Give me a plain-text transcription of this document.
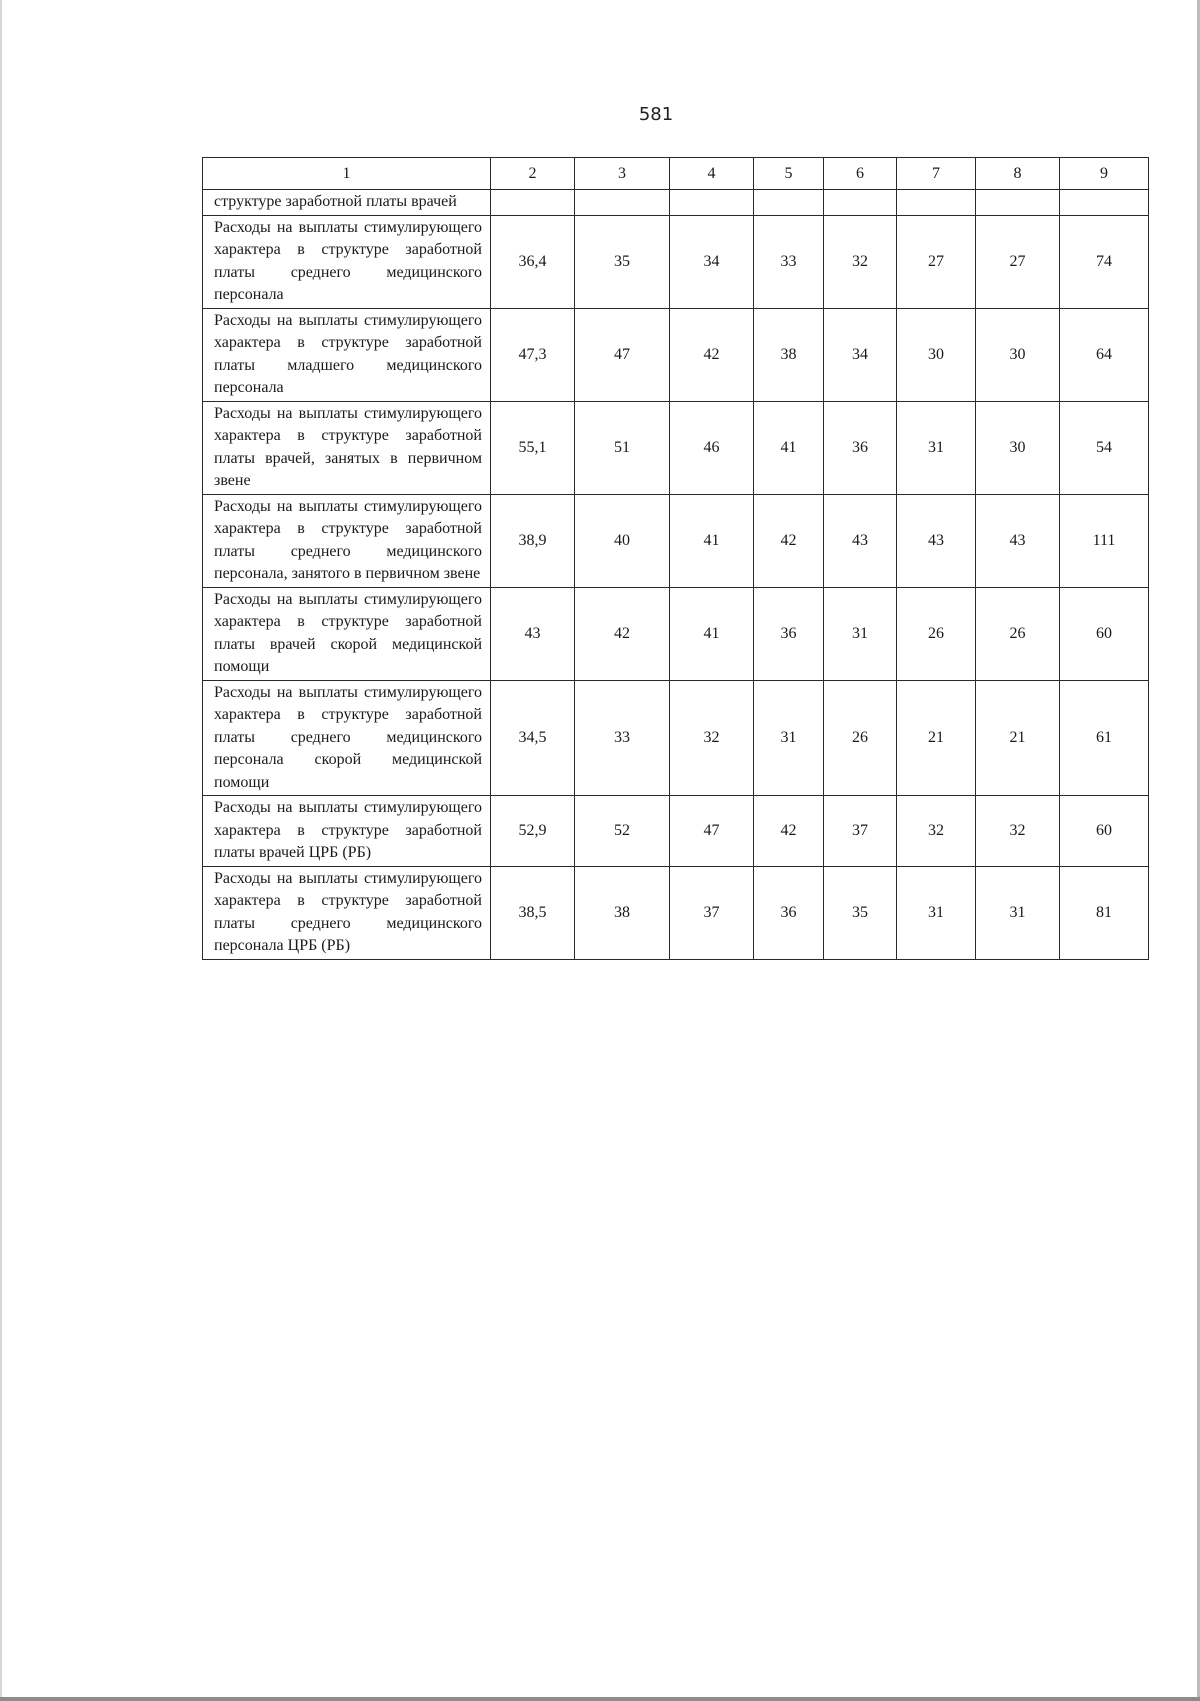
581
1	2	3	4	5	6	7	8	9
структуре заработной платы врачей								
Расходы на выплаты стимулирующего характера в структуре заработной платы среднего медицинского персонала	36,4	35	34	33	32	27	27	74
Расходы на выплаты стимулирующего характера в структуре заработной платы младшего медицинского персонала	47,3	47	42	38	34	30	30	64
Расходы на выплаты стимулирующего характера в структуре заработной платы врачей, занятых в первичном звене	55,1	51	46	41	36	31	30	54
Расходы на выплаты стимулирующего характера в структуре заработной платы среднего медицинского персонала, занятого в первичном звене	38,9	40	41	42	43	43	43	111
Расходы на выплаты стимулирующего характера в структуре заработной платы врачей скорой медицинской помощи	43	42	41	36	31	26	26	60
Расходы на выплаты стимулирующего характера в структуре заработной платы среднего медицинского персонала скорой медицинской помощи	34,5	33	32	31	26	21	21	61
Расходы на выплаты стимулирующего характера в структуре заработной платы врачей ЦРБ (РБ)	52,9	52	47	42	37	32	32	60
Расходы на выплаты стимулирующего характера в структуре заработной платы среднего медицинского персонала ЦРБ (РБ)	38,5	38	37	36	35	31	31	81
